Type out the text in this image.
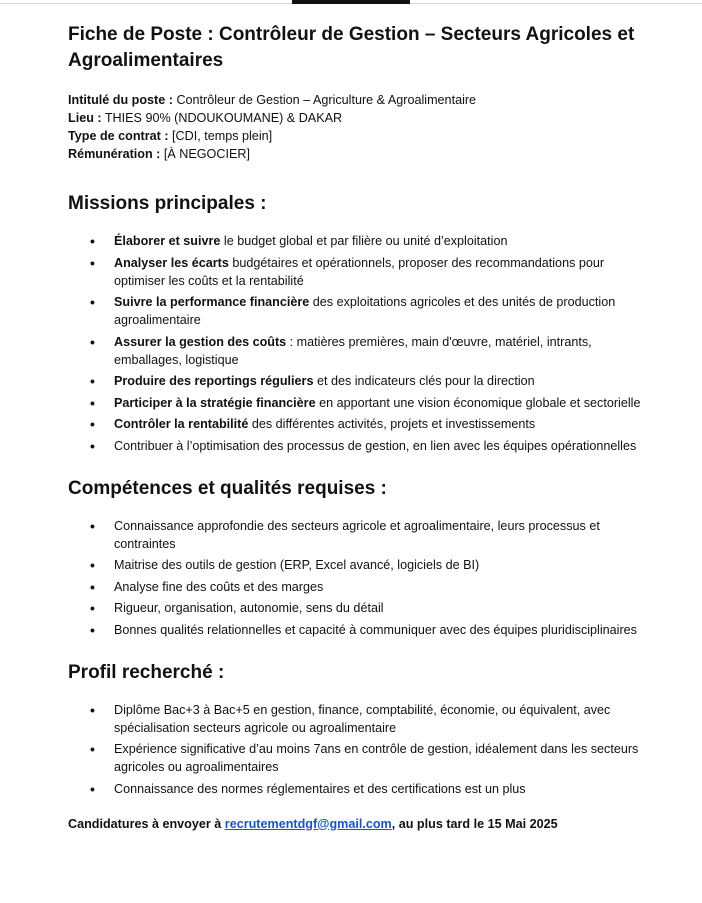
Fiche de Poste : Contrôleur de Gestion – Secteurs Agricoles et Agroalimentaires
Intitulé du poste : Contrôleur de Gestion – Agriculture & Agroalimentaire
Lieu : THIES 90% (NDOUKOUMANE) & DAKAR
Type de contrat : [CDI, temps plein]
Rémunération : [À NEGOCIER]
Missions principales :
• Élaborer et suivre le budget global et par filière ou unité d’exploitation
• Analyser les écarts budgétaires et opérationnels, proposer des recommandations pour optimiser les coûts et la rentabilité
• Suivre la performance financière des exploitations agricoles et des unités de production agroalimentaire
• Assurer la gestion des coûts : matières premières, main d'œuvre, matériel, intrants, emballages, logistique
• Produire des reportings réguliers et des indicateurs clés pour la direction
• Participer à la stratégie financière en apportant une vision économique globale et sectorielle
• Contrôler la rentabilité des différentes activités, projets et investissements
• Contribuer à l’optimisation des processus de gestion, en lien avec les équipes opérationnelles
Compétences et qualités requises :
• Connaissance approfondie des secteurs agricole et agroalimentaire, leurs processus et contraintes
• Maitrise des outils de gestion (ERP, Excel avancé, logiciels de BI)
• Analyse fine des coûts et des marges
• Rigueur, organisation, autonomie, sens du détail
• Bonnes qualités relationnelles et capacité à communiquer avec des équipes pluridisciplinaires
Profil recherché :
• Diplôme Bac+3 à Bac+5 en gestion, finance, comptabilité, économie, ou équivalent, avec spécialisation secteurs agricole ou agroalimentaire
• Expérience significative d’au moins 7ans en contrôle de gestion, idéalement dans les secteurs agricoles ou agroalimentaires
• Connaissance des normes réglementaires et des certifications est un plus
Candidatures à envoyer à recrutementdgf@gmail.com, au plus tard le 15 Mai 2025
